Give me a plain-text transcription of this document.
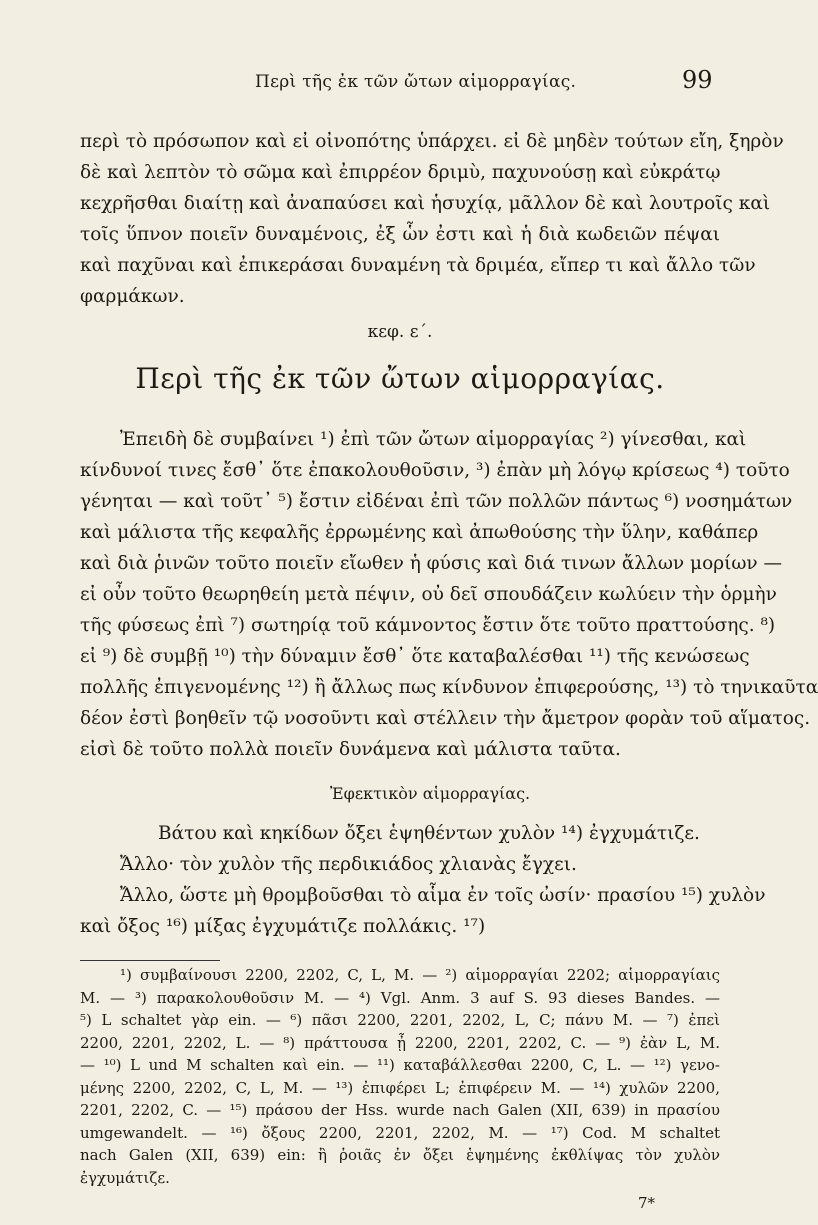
Περὶ τῆς ἐκ τῶν ὤτων αἱμορραγίας.	99
περὶ τὸ πρόσωπον καὶ εἰ οἰνοπότης ὑπάρχει. εἰ δὲ μηδὲν τούτων εἴη, ξηρὸν
δὲ καὶ λεπτὸν τὸ σῶμα καὶ ἐπιρρέον δριμὺ, παχυνούσῃ καὶ εὐκράτῳ
κεχρῆσθαι διαίτῃ καὶ ἀναπαύσει καὶ ἡσυχίᾳ, μᾶλλον δὲ καὶ λουτροῖς καὶ
τοῖς ὕπνον ποιεῖν δυναμένοις, ἐξ ὧν ἐστι καὶ ἡ διὰ κωδειῶν πέψαι
καὶ παχῦναι καὶ ἐπικεράσαι δυναμένη τὰ δριμέα, εἴπερ τι καὶ ἄλλο τῶν
φαρμάκων.
κεφ. ε΄.
Περὶ τῆς ἐκ τῶν ὤτων αἱμορραγίας.
Ἐπειδὴ δὲ συμβαίνει ¹) ἐπὶ τῶν ὤτων αἱμορραγίας ²) γίνεσθαι, καὶ
κίνδυνοί τινες ἔσθ᾽ ὅτε ἐπακολουθοῦσιν, ³) ἐπὰν μὴ λόγῳ κρίσεως ⁴) τοῦτο
γένηται — καὶ τοῦτ᾽ ⁵) ἔστιν εἰδέναι ἐπὶ τῶν πολλῶν πάντως ⁶) νοσημάτων
καὶ μάλιστα τῆς κεφαλῆς ἐρρωμένης καὶ ἀπωθούσης τὴν ὕλην, καθάπερ
καὶ διὰ ῥινῶν τοῦτο ποιεῖν εἴωθεν ἡ φύσις καὶ διά τινων ἄλλων μορίων —
εἰ οὖν τοῦτο θεωρηθείη μετὰ πέψιν, οὐ δεῖ σπουδάζειν κωλύειν τὴν ὁρμὴν
τῆς φύσεως ἐπὶ ⁷) σωτηρίᾳ τοῦ κάμνοντος ἔστιν ὅτε τοῦτο πραττούσης. ⁸)
εἰ ⁹) δὲ συμβῇ ¹⁰) τὴν δύναμιν ἔσθ᾽ ὅτε καταβαλέσθαι ¹¹) τῆς κενώσεως
πολλῆς ἐπιγενομένης ¹²) ἢ ἄλλως πως κίνδυνον ἐπιφερούσης, ¹³) τὸ τηνικαῦτα
δέον ἐστὶ βοηθεῖν τῷ νοσοῦντι καὶ στέλλειν τὴν ἄμετρον φορὰν τοῦ αἵματος.
εἰσὶ δὲ τοῦτο πολλὰ ποιεῖν δυνάμενα καὶ μάλιστα ταῦτα.
Ἐφεκτικὸν αἱμορραγίας.
Βάτου καὶ κηκίδων ὄξει ἑψηθέντων χυλὸν ¹⁴) ἐγχυμάτιζε.
Ἄλλο· τὸν χυλὸν τῆς περδικιάδος χλιανὰς ἔγχει.
Ἄλλο, ὥστε μὴ θρομβοῦσθαι τὸ αἷμα ἐν τοῖς ὠσίν· πρασίου ¹⁵) χυλὸν
καὶ ὄξος ¹⁶) μίξας ἐγχυμάτιζε πολλάκις. ¹⁷)
¹) συμβαίνουσι 2200, 2202, C, L, M. — ²) αἱμορραγίαι 2202; αἱμορραγίαις
M. — ³) παρακολουθοῦσιν M. — ⁴) Vgl. Anm. 3 auf S. 93 dieses Bandes. —
⁵) L schaltet γὰρ ein. — ⁶) πᾶσι 2200, 2201, 2202, L, C; πάνυ M. — ⁷) ἐπεὶ
2200, 2201, 2202, L. — ⁸) πράττουσα ᾖ 2200, 2201, 2202, C. — ⁹) ἐὰν L, M.
— ¹⁰) L und M schalten καὶ ein. — ¹¹) καταβάλλεσθαι 2200, C, L. — ¹²) γενο-
μένης 2200, 2202, C, L, M. — ¹³) ἐπιφέρει L; ἐπιφέρειν M. — ¹⁴) χυλῶν 2200,
2201, 2202, C. — ¹⁵) πράσου der Hss. wurde nach Galen (XII, 639) in πρασίου
umgewandelt. — ¹⁶) ὄξους 2200, 2201, 2202, M. — ¹⁷) Cod. M schaltet
nach Galen (XII, 639) ein: ἢ ῥοιᾶς ἐν ὄξει ἑψημένης ἐκθλίψας τὸν χυλὸν
ἐγχυμάτιζε.
7*
